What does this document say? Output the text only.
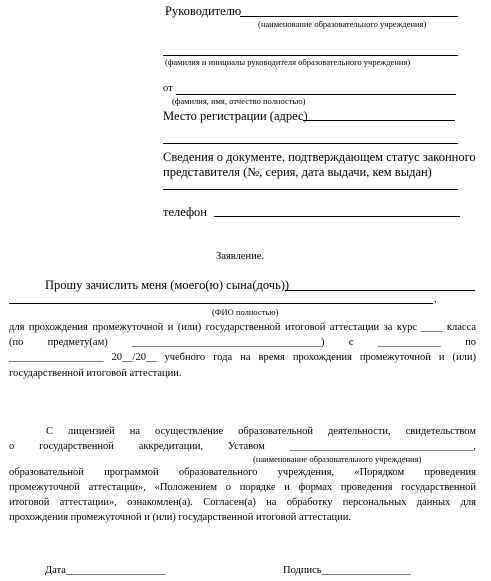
Руководителю
(наименование образовательного учреждения)
(фамилия и инициалы руководителя образовательного учреждения)
от
(фамилия, имя, отчество полностью)
Место регистрации (адрес)
Сведения о документе, подтверждающем статус законного
представителя (№, серия, дата выдачи, кем выдан)
телефон
Заявление.
Прошу зачислить меня (моего(ю) сына(дочь))
,
(ФИО полностью)
для прохождения промежуточной и (или) государственной итоговой аттестации за курс ____ класса
(по предмету(ам) ____________________________________) с ____________ по
__________________ 20__/20__ учебного года на время прохождения промежуточной и (или)
государственной итоговой аттестации.
С лицензией на осуществление образовательной деятельности, свидетельством
о государственной аккредитации, Уставом ___________________________________,
(наименование образовательного учреждения)
образовательной программой образовательного учреждения, «Порядком проведения
промежуточной аттестации», «Положением о порядке и формах проведения государственной
итоговой аттестации», ознакомлен(а). Согласен(а) на обработку персональных данных для
прохождения промежуточной и (или) государственной итоговой аттестации.
Дата___________________	Подпись_________________
